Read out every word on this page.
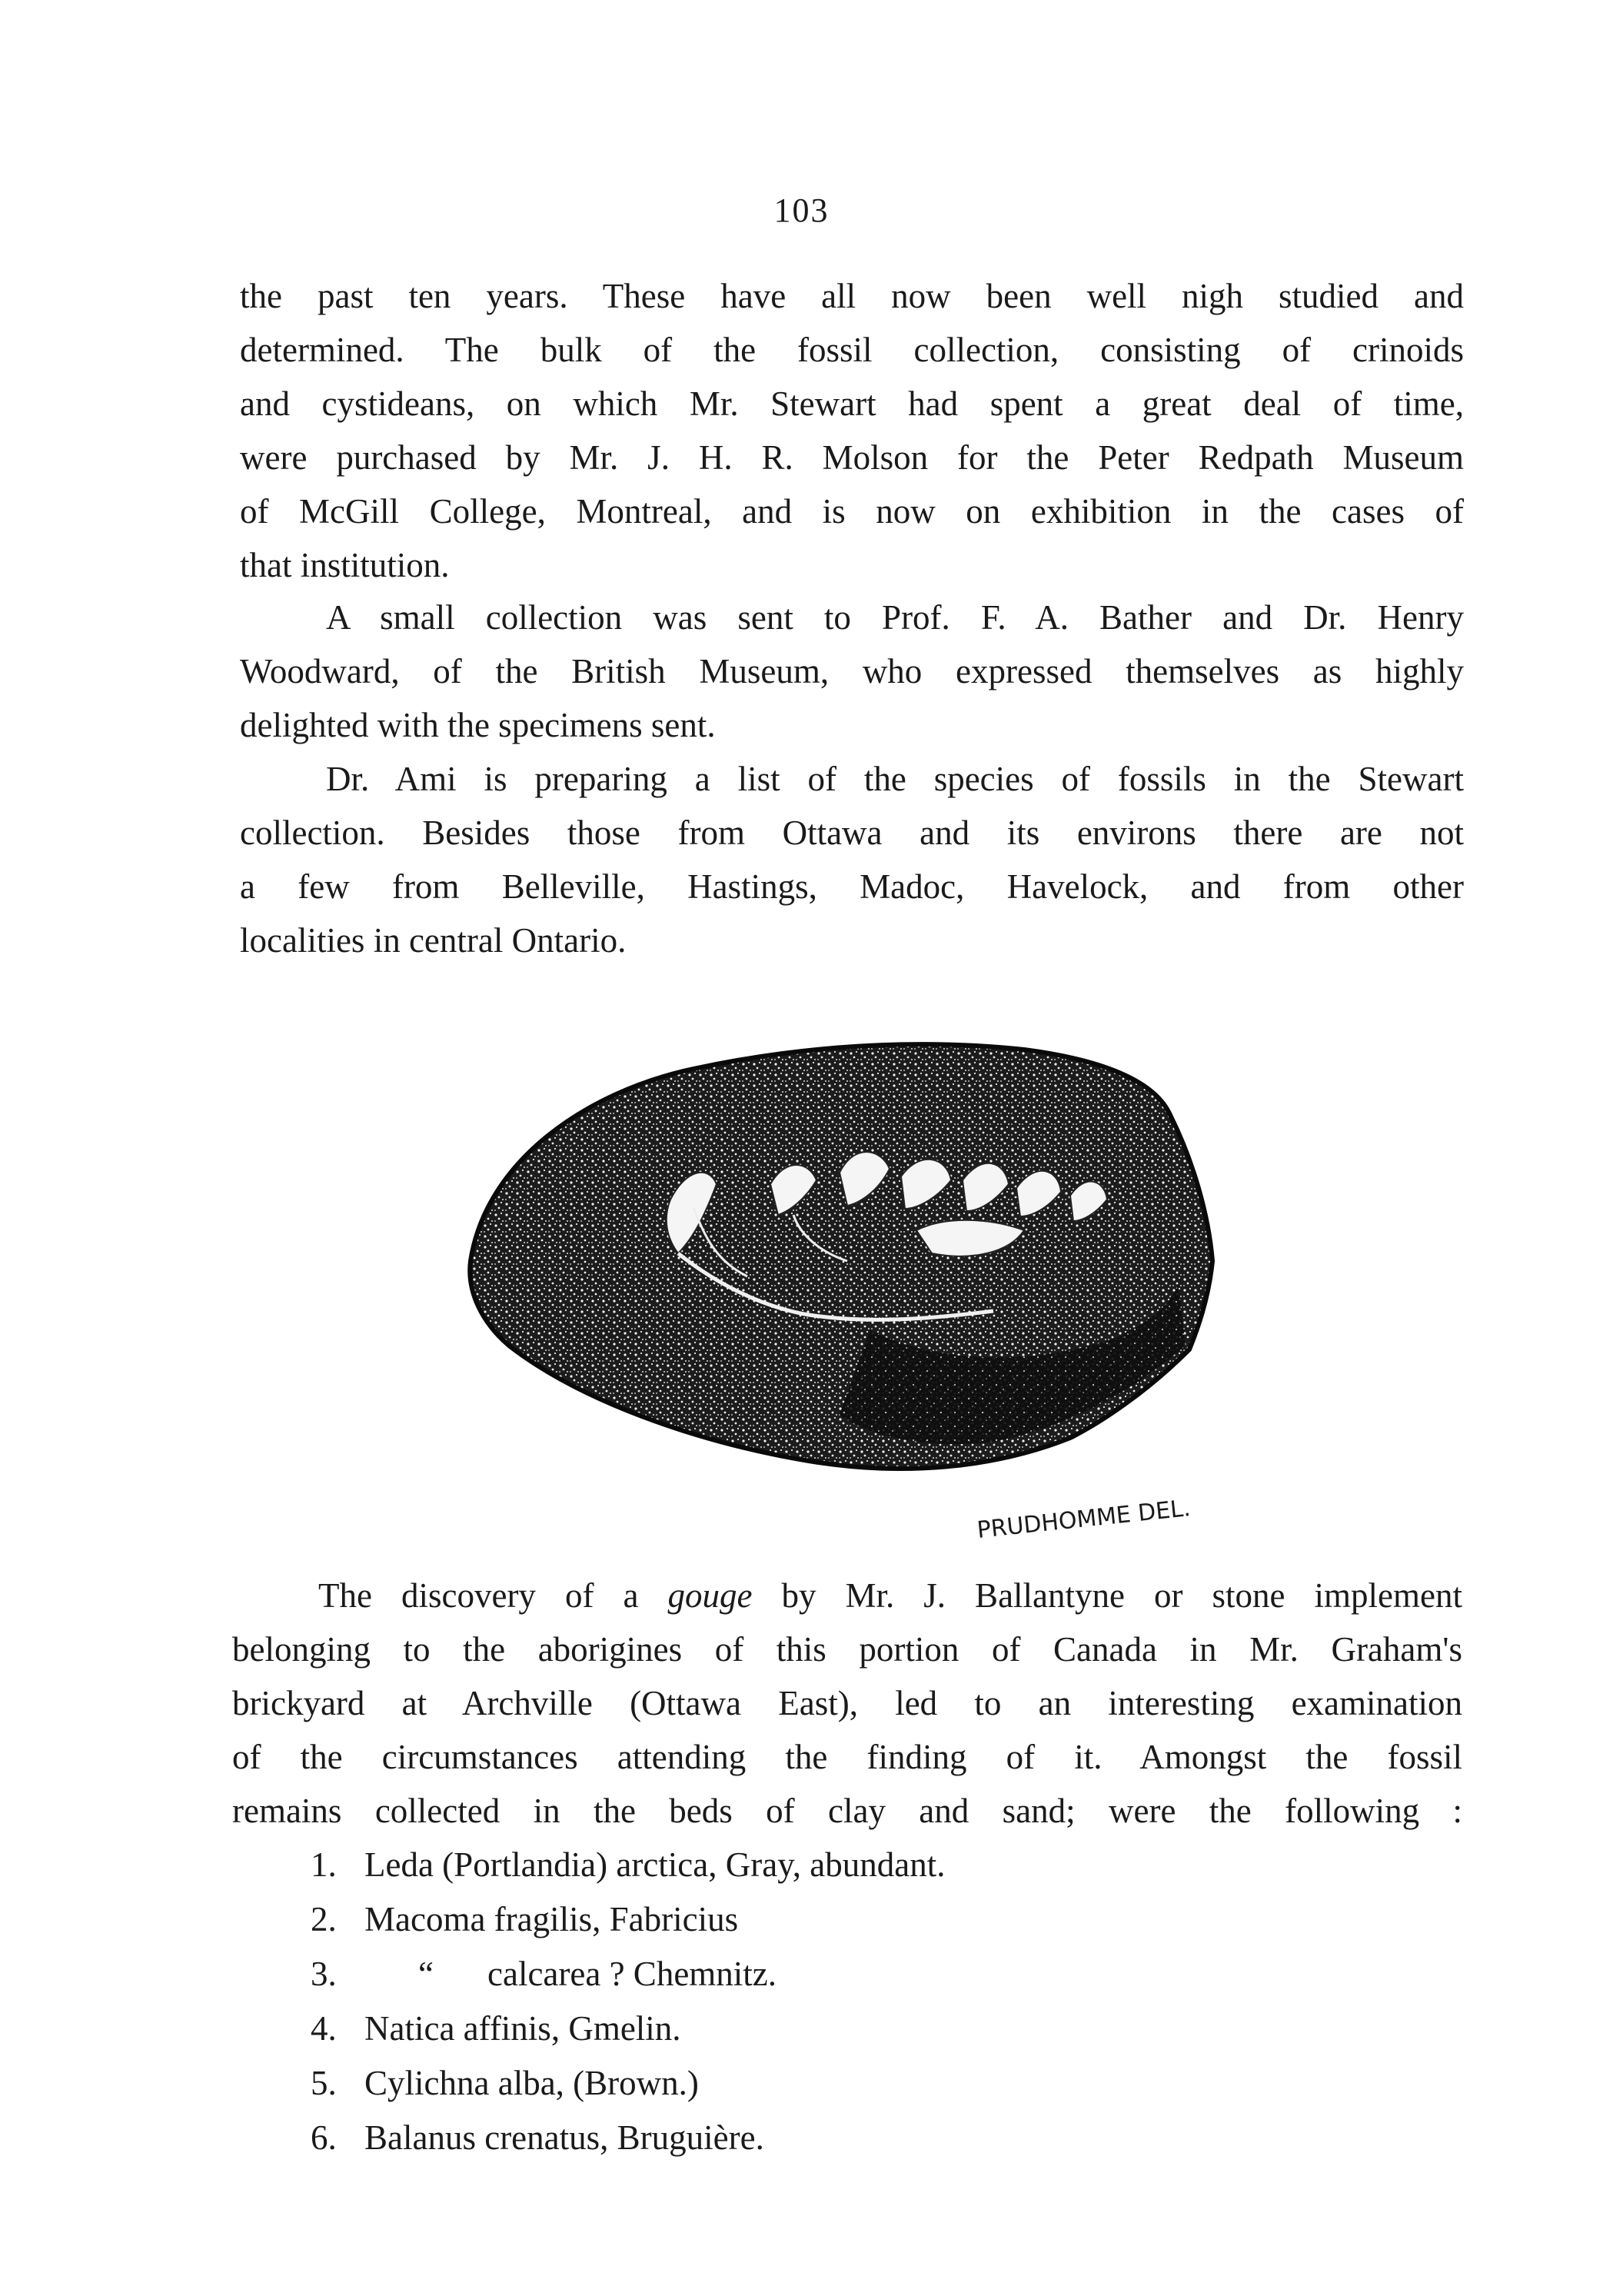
103

the past ten years. These have all now been well nigh studied and
determined. The bulk of the fossil collection, consisting of crinoids
and cystideans, on which Mr. Stewart had spent a great deal of time,
were purchased by Mr. J. H. R. Molson for the Peter Redpath Museum
of McGill College, Montreal, and is now on exhibition in the cases of
that institution.

A small collection was sent to Prof. F. A. Bather and Dr. Henry
Woodward, of the British Museum, who expressed themselves as highly
delighted with the specimens sent.

Dr. Ami is preparing a list of the species of fossils in the Stewart
collection. Besides those from Ottawa and its environs there are not
a few from Belleville, Hastings, Madoc, Havelock, and from other
localities in central Ontario.

PRUDHOMME DEL.

The discovery of a gouge by Mr. J. Ballantyne or stone implement
belonging to the aborigines of this portion of Canada in Mr. Graham's
brickyard at Archville (Ottawa East), led to an interesting examination
of the circumstances attending the finding of it. Amongst the fossil
remains collected in the beds of clay and sand; were the following :

1. Leda (Portlandia) arctica, Gray, abundant.
2. Macoma fragilis, Fabricius
3. “ calcarea ? Chemnitz.
4. Natica affinis, Gmelin.
5. Cylichna alba, (Brown.)
6. Balanus crenatus, Bruguière.
